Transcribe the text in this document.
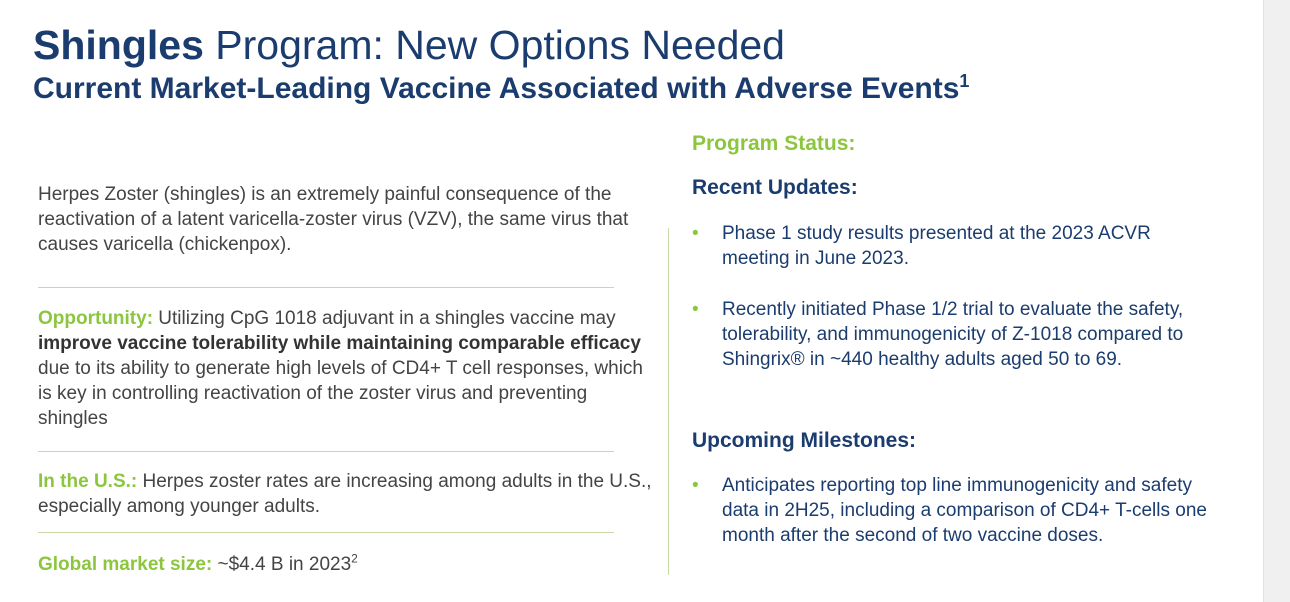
Shingles Program: New Options Needed
Current Market-Leading Vaccine Associated with Adverse Events$^1$

Herpes Zoster (shingles) is an extremely painful consequence of the reactivation of a latent varicella-zoster virus (VZV), the same virus that causes varicella (chickenpox).

Opportunity: Utilizing CpG 1018 adjuvant in a shingles vaccine may improve vaccine tolerability while maintaining comparable efficacy due to its ability to generate high levels of CD4+ T cell responses, which is key in controlling reactivation of the zoster virus and preventing shingles

In the U.S.: Herpes zoster rates are increasing among adults in the U.S., especially among younger adults.

Global market size: ~$4.4 B in 2023$^2$

Program Status:
Recent Updates:
• Phase 1 study results presented at the 2023 ACVR meeting in June 2023.
• Recently initiated Phase 1/2 trial to evaluate the safety, tolerability, and immunogenicity of Z-1018 compared to Shingrix® in ~440 healthy adults aged 50 to 69.
Upcoming Milestones:
• Anticipates reporting top line immunogenicity and safety data in 2H25, including a comparison of CD4+ T-cells one month after the second of two vaccine doses.
